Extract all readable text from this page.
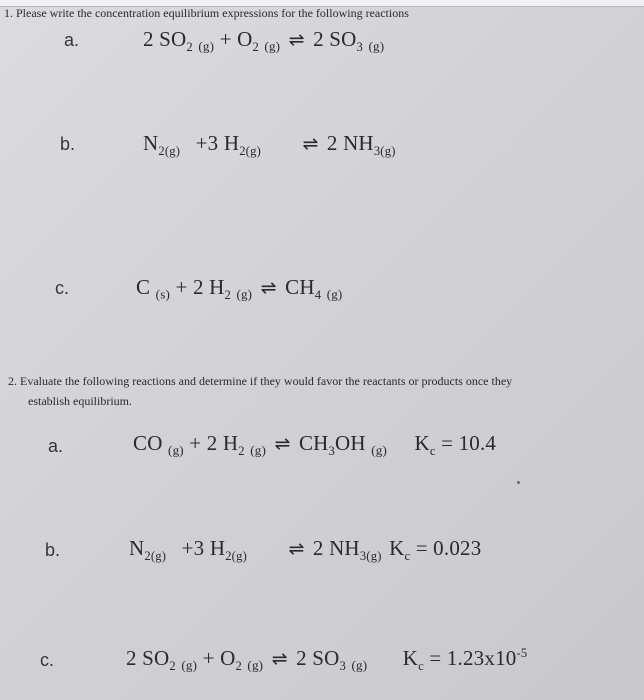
1. Please write the concentration equilibrium expressions for the following reactions
a.	2 $SO_2$ $_{(g)} + O_2$ $_{(g)}$ ⇌ 2 $SO_3$ $_{(g)}$
b.	$N_{2(g)} +3$ $H_{2(g)}$ ⇌ 2 $NH_{3(g)}$
c.	C $_{(s)}$ + 2 $H_2$ $_{(g)}$ ⇌ $CH_4$ $_{(g)}$
2. Evaluate the following reactions and determine if they would favor the reactants or products once they
establish equilibrium.
a.	CO $_{(g)}$ + 2 $H_2$ $_{(g)}$ ⇌ $CH_3OH$ $_{(g)}$ $K_c = 10.4$
b.	$N_{2(g)} +3$ $H_{2(g)}$ ⇌ 2 $NH_{3(g)}$ $K_c = 0.023$
c.	2 $SO_2$ $_{(g)} + O_2$ $_{(g)}$ ⇌ 2 $SO_3$ $_{(g)}$ $K_c = 1.23x10^{-5}$
